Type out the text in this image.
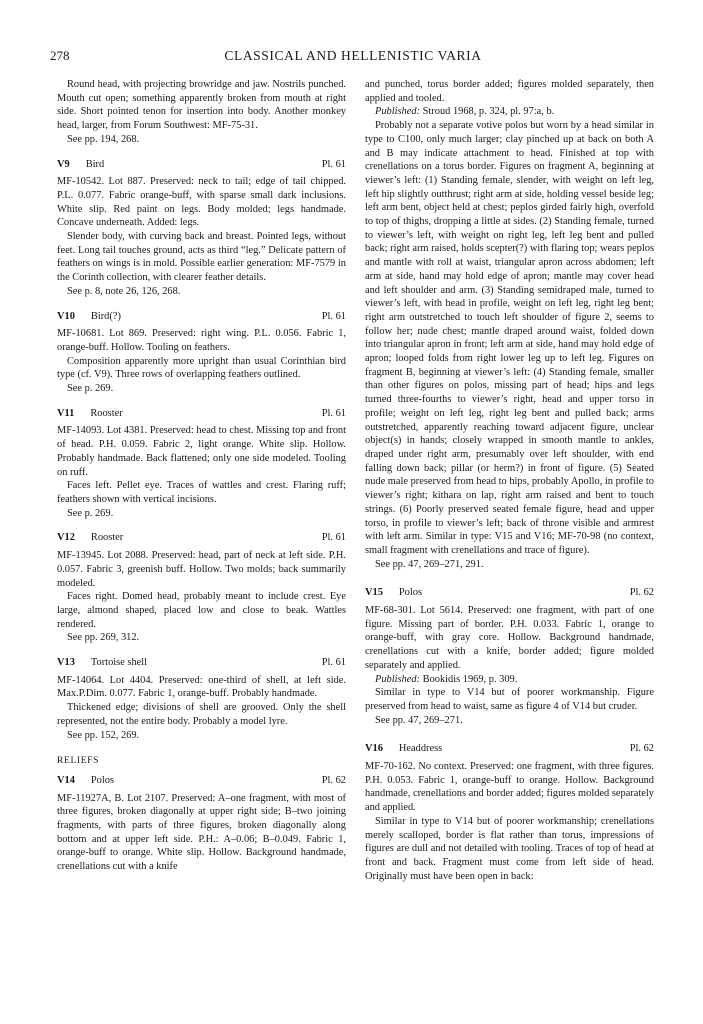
278	CLASSICAL AND HELLENISTIC VARIA

Round head, with projecting browridge and jaw. Nostrils punched. Mouth cut open; something apparently broken from mouth at right side. Short pointed tenon for insertion into body. Another monkey head, larger, from Forum Southwest: MF-75-31.

See pp. 194, 268.

V9 Bird	Pl. 61

MF-10542. Lot 887. Preserved: neck to tail; edge of tail chipped. P.L. 0.077. Fabric orange-buff, with sparse small dark inclusions. White slip. Red paint on legs. Body molded; legs handmade. Concave underneath. Added: legs.

Slender body, with curving back and breast. Pointed legs, without feet. Long tail touches ground, acts as third “leg.” Delicate pattern of feathers on wings is in mold. Possible earlier generation: MF-7579 in the Corinth collection, with clearer feather details.

See p. 8, note 26, 126, 268.

V10 Bird(?)	Pl. 61

MF-10681. Lot 869. Preserved: right wing. P.L. 0.056. Fabric 1, orange-buff. Hollow. Tooling on feathers.

Composition apparently more upright than usual Corinthian bird type (cf. V9). Three rows of overlapping feathers outlined.

See p. 269.

V11 Rooster	Pl. 61

MF-14093. Lot 4381. Preserved: head to chest. Missing top and front of head. P.H. 0.059. Fabric 2, light orange. White slip. Hollow. Probably handmade. Back flattened; only one side modeled. Tooling on ruff.

Faces left. Pellet eye. Traces of wattles and crest. Flaring ruff; feathers shown with vertical incisions.

See p. 269.

V12 Rooster	Pl. 61

MF-13945. Lot 2088. Preserved: head, part of neck at left side. P.H. 0.057. Fabric 3, greenish buff. Hollow. Two molds; back summarily modeled.

Faces right. Domed head, probably meant to include crest. Eye large, almond shaped, placed low and close to beak. Wattles rendered.

See pp. 269, 312.

V13 Tortoise shell	Pl. 61

MF-14064. Lot 4404. Preserved: one-third of shell, at left side. Max.P.Dim. 0.077. Fabric 1, orange-buff. Probably handmade.

Thickened edge; divisions of shell are grooved. Only the shell represented, not the entire body. Probably a model lyre.

See pp. 152, 269.

RELIEFS
V14 Polos	Pl. 62

MF-11927A, B. Lot 2107. Preserved: A–one fragment, with most of three figures, broken diagonally at upper right side; B–two joining fragments, with parts of three figures, broken diagonally along bottom and at upper left side. P.H.: A–0.06; B–0.049. Fabric 1, orange-buff to orange. White slip. Hollow. Background handmade, crenellations cut with a knife

and punched, torus border added; figures molded separately, then applied and tooled.

Published: Stroud 1968, p. 324, pl. 97:a, b.

Probably not a separate votive polos but worn by a head similar in type to C100, only much larger; clay pinched up at back on both A and B may indicate attachment to head. Finished at top with crenellations on a torus border. Figures on fragment A, beginning at viewer’s left: (1) Standing female, slender, with weight on left leg, left hip slightly outthrust; right arm at side, holding vessel beside leg; left arm bent, object held at chest; peplos girded fairly high, overfold to top of thighs, dropping a little at sides. (2) Standing female, turned to viewer’s left, with weight on right leg, left leg bent and pulled back; right arm raised, holds scepter(?) with flaring top; wears peplos and mantle with roll at waist, triangular apron across abdomen; left arm at side, hand may hold edge of apron; mantle may cover head and left shoulder and arm. (3) Standing semidraped male, turned to viewer’s left, with head in profile, weight on left leg, right leg bent; right arm outstretched to touch left shoulder of figure 2, seems to follow her; nude chest; mantle draped around waist, folded down into triangular apron in front; left arm at side, hand may hold edge of apron; looped folds from right lower leg up to left leg. Figures on fragment B, beginning at viewer’s left: (4) Standing female, smaller than other figures on polos, missing part of head; hips and legs turned three-fourths to viewer’s right, head and upper torso in profile; weight on left leg, right leg bent and pulled back; arms outstretched, apparently reaching toward adjacent figure, unclear object(s) in hands; closely wrapped in smooth mantle to ankles, draped under right arm, presumably over left shoulder, with end falling down back; pillar (or herm?) in front of figure. (5) Seated nude male preserved from head to hips, probably Apollo, in profile to viewer’s right; kithara on lap, right arm raised and bent to touch strings. (6) Poorly preserved seated female figure, head and upper torso, in profile to viewer’s left; back of throne visible and armrest with left arm. Similar in type: V15 and V16; MF-70-98 (no context, small fragment with crenellations and trace of figure).

See pp. 47, 269–271, 291.

V15 Polos	Pl. 62

MF-68-301. Lot 5614. Preserved: one fragment, with part of one figure. Missing part of border. P.H. 0.033. Fabric 1, orange to orange-buff, with gray core. Hollow. Background handmade, crenellations cut with a knife, border added; figure molded separately and applied.

Published: Bookidis 1969, p. 309.

Similar in type to V14 but of poorer workmanship. Figure preserved from head to waist, same as figure 4 of V14 but cruder.

See pp. 47, 269–271.

V16 Headdress	Pl. 62

MF-70-162. No context. Preserved: one fragment, with three figures. P.H. 0.053. Fabric 1, orange-buff to orange. Hollow. Background handmade, crenellations and border added; figures molded separately and applied.

Similar in type to V14 but of poorer workmanship; crenellations merely scalloped, border is flat rather than torus, impressions of figures are dull and not detailed with tooling. Traces of top of head at front and back. Fragment must come from left side of head. Originally must have been open in back:
